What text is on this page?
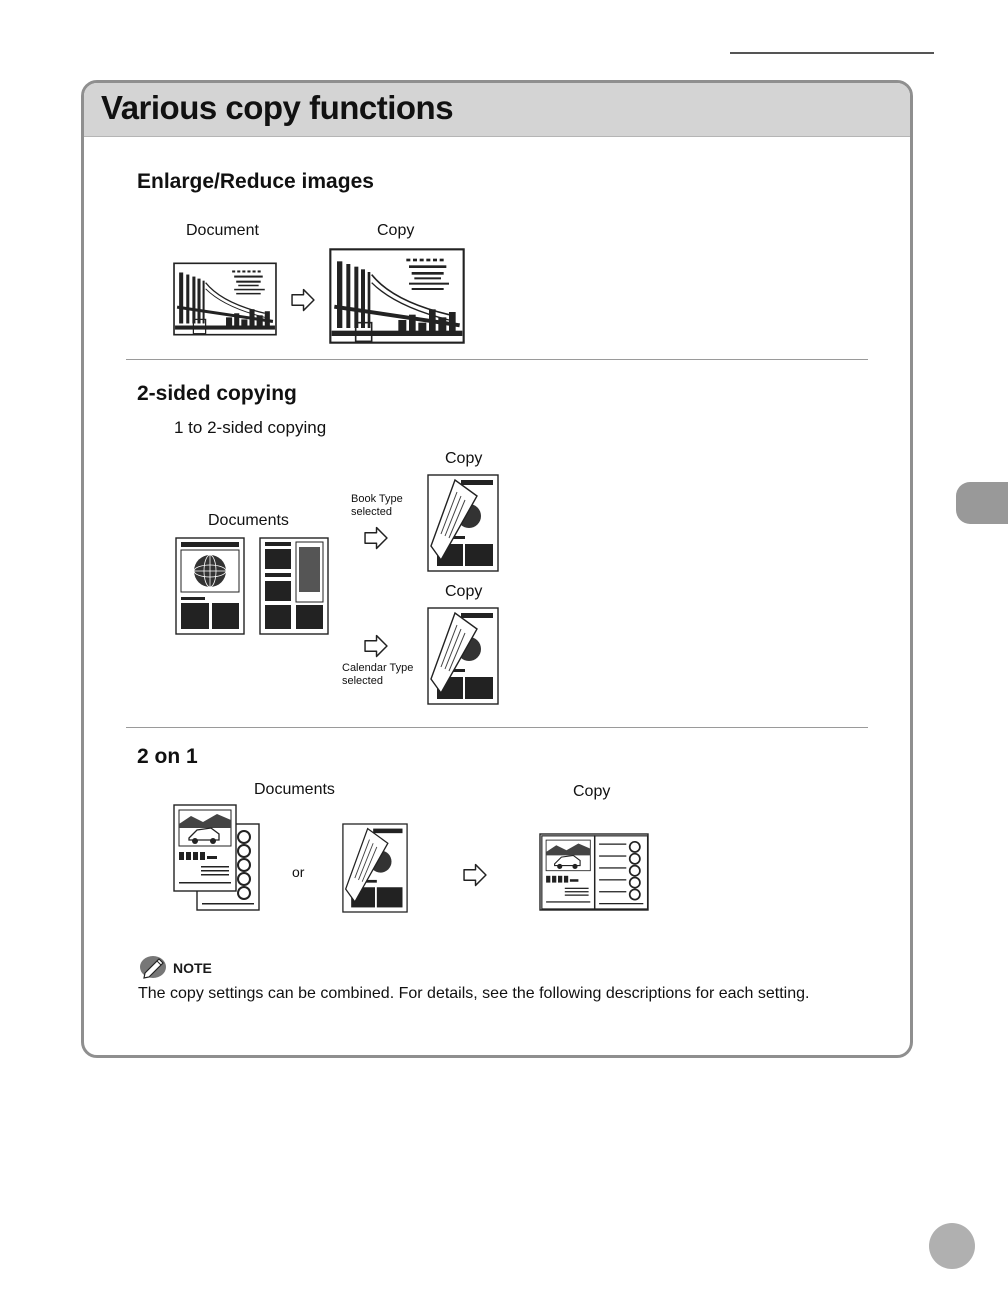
Various copy functions
Enlarge/Reduce images
Document	Copy
2-sided copying
1 to 2-sided copying
Documents
Copy
Book Type selected
Copy
Calendar Type selected
2 on 1
Documents
or
Copy
NOTE
The copy settings can be combined. For details, see the following descriptions for each setting.
